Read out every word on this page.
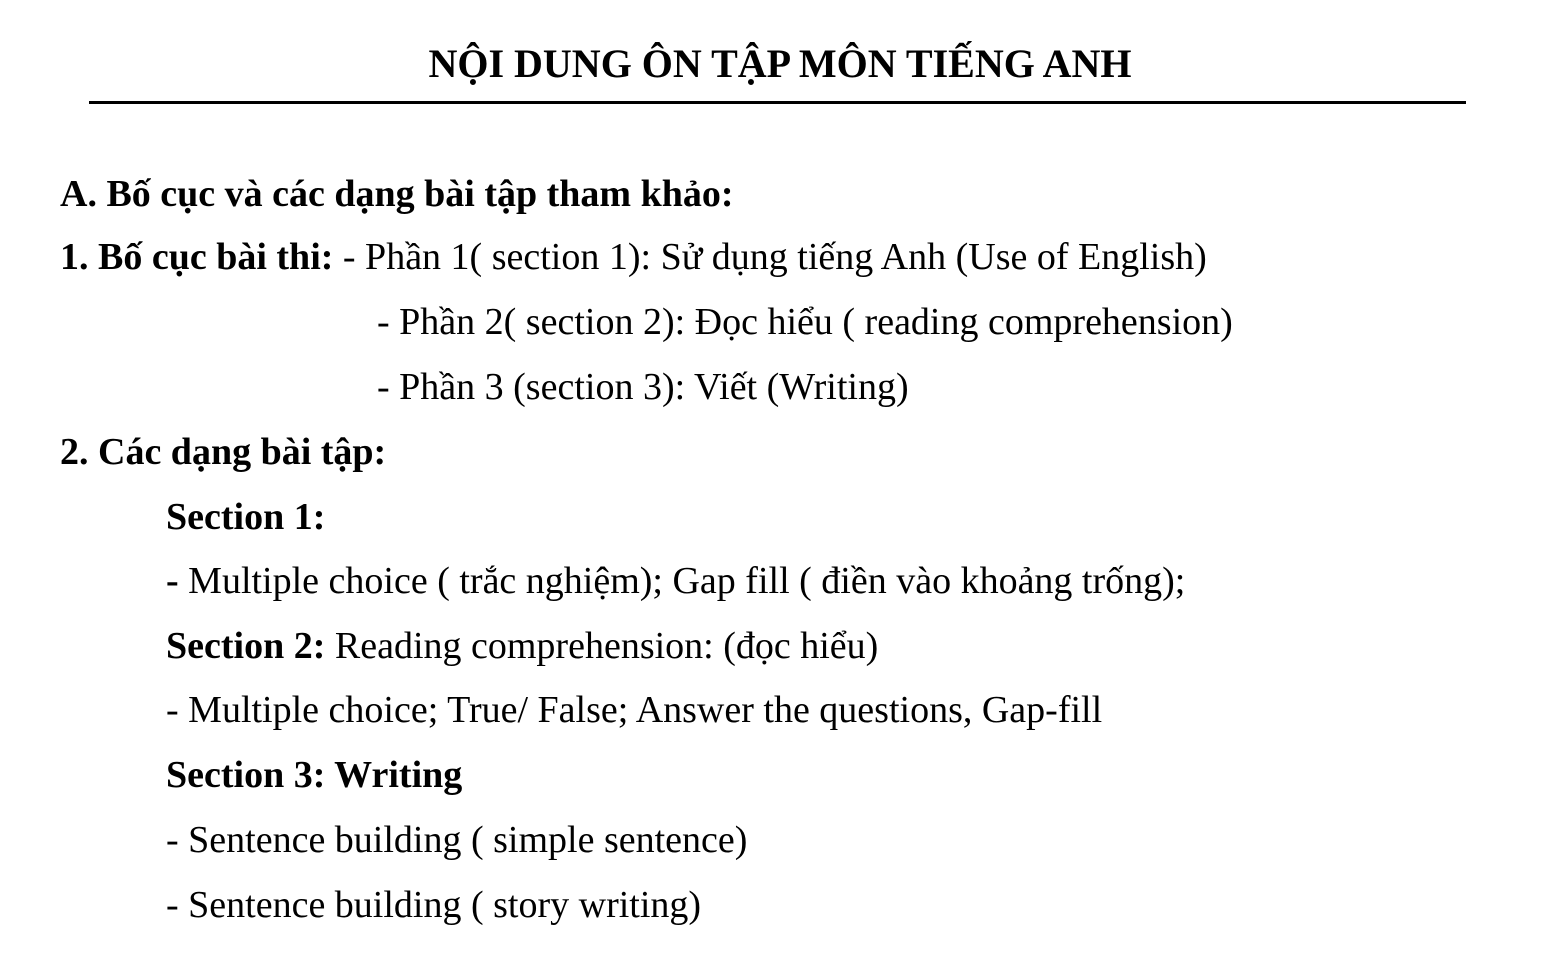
NỘI DUNG ÔN TẬP MÔN TIẾNG ANH
A. Bố cục và các dạng bài tập tham khảo:
1. Bố cục bài thi: - Phần 1( section 1): Sử dụng tiếng Anh (Use of English)
- Phần 2( section 2): Đọc hiểu ( reading comprehension)
- Phần 3 (section 3): Viết (Writing)
2. Các dạng bài tập:
Section 1:
- Multiple choice ( trắc nghiệm); Gap fill ( điền vào khoảng trống);
Section 2: Reading comprehension: (đọc hiểu)
- Multiple choice; True/ False; Answer the questions, Gap-fill
Section 3: Writing
- Sentence building ( simple sentence)
- Sentence building ( story writing)
